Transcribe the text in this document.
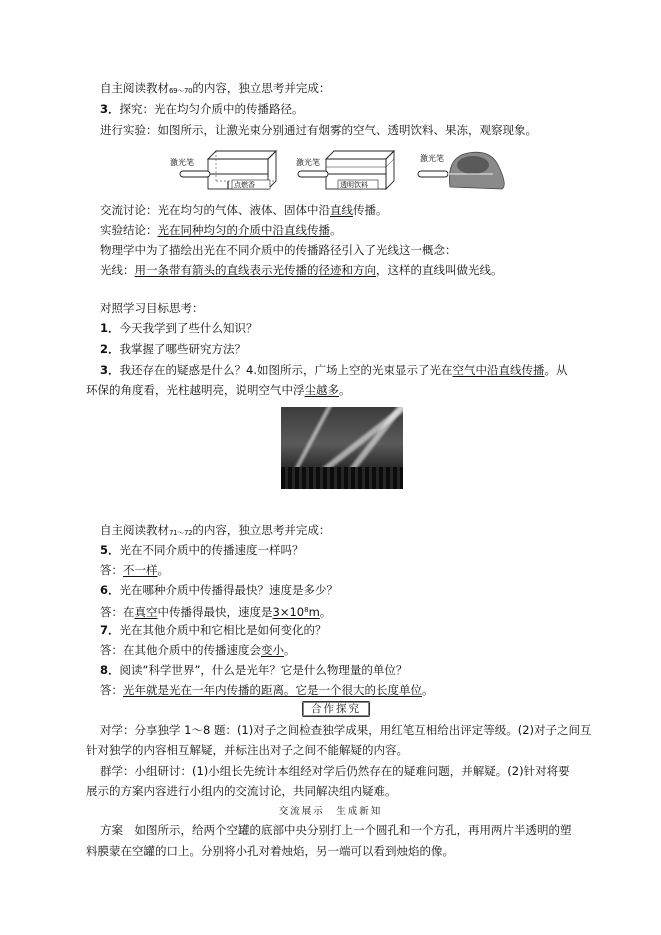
自主阅读教材69～70的内容，独立思考并完成：
3．探究：光在均匀介质中的传播路径。
进行实验：如图所示，让激光束分别通过有烟雾的空气、透明饮料、果冻，观察现象。
激光笔
点燃香
激光笔
透明饮料
激光笔
交流讨论：光在均匀的气体、液体、固体中沿直线传播。
实验结论：光在同种均匀的介质中沿直线传播。
物理学中为了描绘出光在不同介质中的传播路径引入了光线这一概念：
光线：用一条带有箭头的直线表示光传播的径迹和方向，这样的直线叫做光线。
对照学习目标思考：
1．今天我学到了些什么知识？
2．我掌握了哪些研究方法？
3．我还存在的疑惑是什么？4.如图所示，广场上空的光束显示了光在空气中沿直线传播。从
环保的角度看，光柱越明亮，说明空气中浮尘越多。
自主阅读教材71～72的内容，独立思考并完成：
5．光在不同介质中的传播速度一样吗？
答：不一样。
6．光在哪种介质中传播得最快？速度是多少？
答：在真空中传播得最快，速度是$3\times 10^8m$。
7．光在其他介质中和它相比是如何变化的？
答：在其他介质中的传播速度会变小。
8．阅读“科学世界”，什么是光年？它是什么物理量的单位？
答：光年就是光在一年内传播的距离。它是一个很大的长度单位。
合作探究
对学：分享独学 1～8 题：(1)对子之间检查独学成果，用红笔互相给出评定等级。(2)对子之间互
针对独学的内容相互解疑，并标注出对子之间不能解疑的内容。
群学：小组研讨：(1)小组长先统计本组经对学后仍然存在的疑难问题，并解疑。(2)针对将要
展示的方案内容进行小组内的交流讨论，共同解决组内疑难。
交流展示　生成新知
方案　如图所示，给两个空罐的底部中央分别打上一个圆孔和一个方孔，再用两片半透明的塑
料膜蒙在空罐的口上。分别将小孔对着烛焰，另一端可以看到烛焰的像。
